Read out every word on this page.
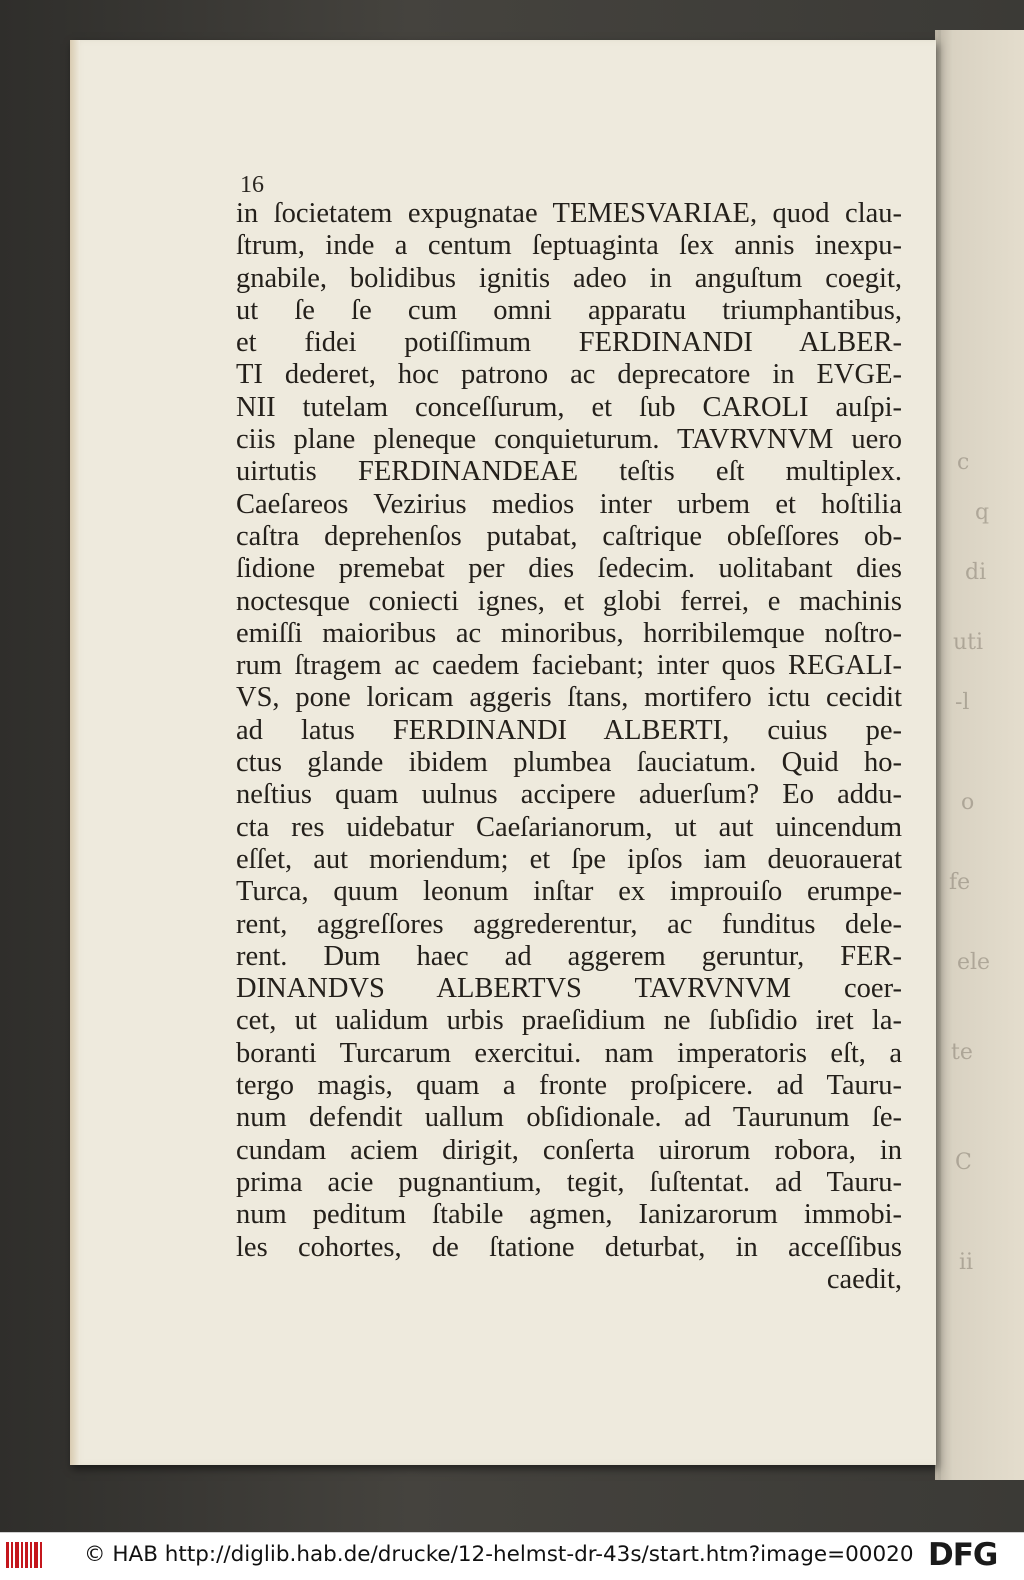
c
q
di
uti
-l
o
fe
ele
te
C
ii
16
in ſocietatem expugnatae TEMESVARIAE, quod clau-
ſtrum, inde a centum ſeptuaginta ſex annis inexpu-
gnabile, bolidibus ignitis adeo in anguſtum coegit,
ut ſe ſe cum omni apparatu triumphantibus,
et fidei potiſſimum FERDINANDI ALBER-
TI dederet, hoc patrono ac deprecatore in EVGE-
NII tutelam conceſſurum, et ſub CAROLI auſpi-
ciis plane pleneque conquieturum. TAVRVNVM uero
uirtutis FERDINANDEAE teſtis eſt multiplex.
Caeſareos Vezirius medios inter urbem et hoſtilia
caſtra deprehenſos putabat, caſtrique obſeſſores ob-
ſidione premebat per dies ſedecim. uolitabant dies
noctesque coniecti ignes, et globi ferrei, e machinis
emiſſi maioribus ac minoribus, horribilemque noſtro-
rum ſtragem ac caedem faciebant; inter quos REGALI-
VS, pone loricam aggeris ſtans, mortifero ictu cecidit
ad latus FERDINANDI ALBERTI, cuius pe-
ctus glande ibidem plumbea ſauciatum. Quid ho-
neſtius quam uulnus accipere aduerſum? Eo addu-
cta res uidebatur Caeſarianorum, ut aut uincendum
eſſet, aut moriendum; et ſpe ipſos iam deuorauerat
Turca, quum leonum inſtar ex improuiſo erumpe-
rent, aggreſſores aggrederentur, ac funditus dele-
rent. Dum haec ad aggerem geruntur, FER-
DINANDVS ALBERTVS TAVRVNVM coer-
cet, ut ualidum urbis praeſidium ne ſubſidio iret la-
boranti Turcarum exercitui. nam imperatoris eſt, a
tergo magis, quam a fronte proſpicere. ad Tauru-
num defendit uallum obſidionale. ad Taurunum ſe-
cundam aciem dirigit, conſerta uirorum robora, in
prima acie pugnantium, tegit, ſuſtentat. ad Tauru-
num peditum ſtabile agmen, Ianizarorum immobi-
les cohortes, de ſtatione deturbat, in acceſſibus
caedit,
© HAB http://diglib.hab.de/drucke/12-helmst-dr-43s/start.htm?image=00020 DFG
